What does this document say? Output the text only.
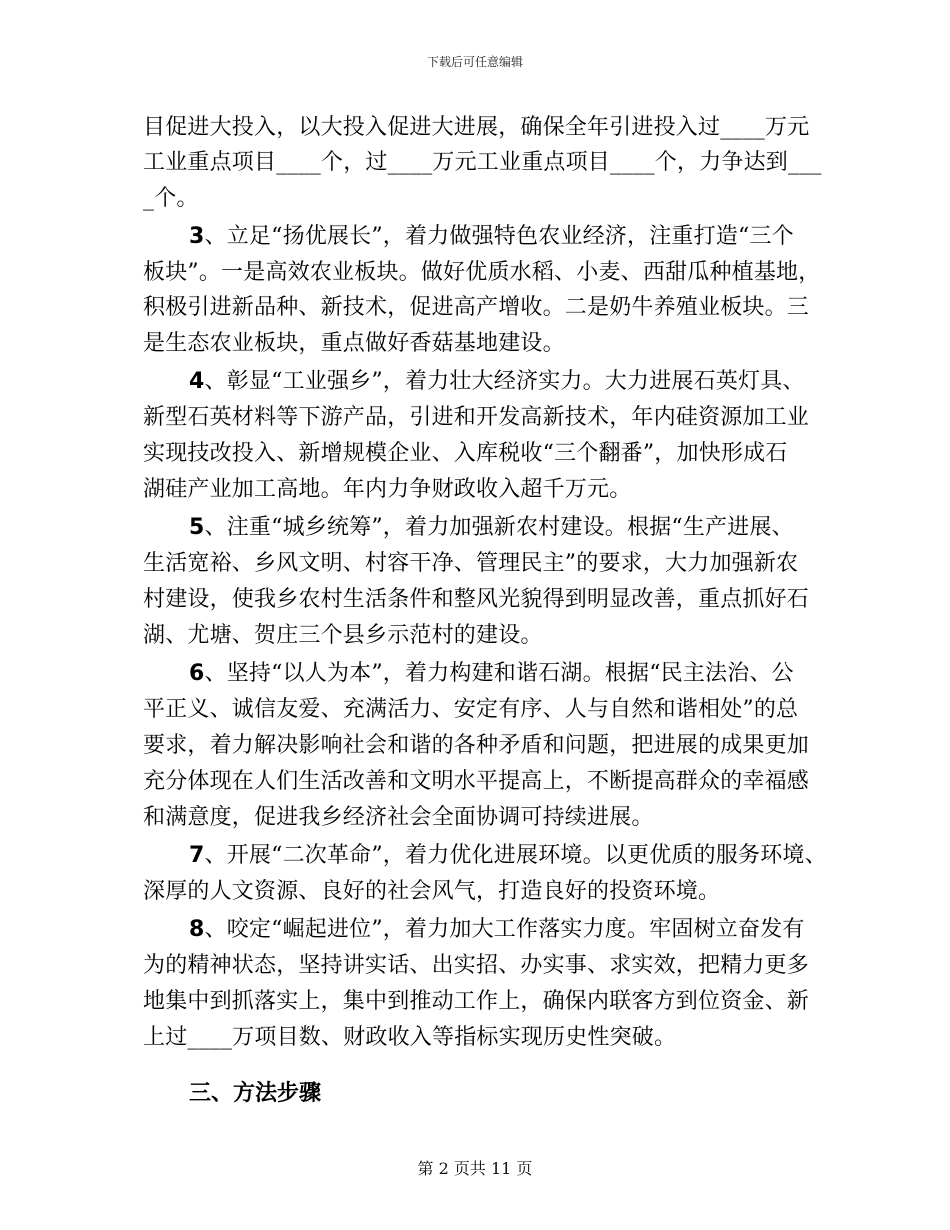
下载后可任意编辑
目促进大投入，以大投入促进大进展，确保全年引进投入过____万元
工业重点项目____个，过____万元工业重点项目____个，力争达到___
_个。
3、立足“扬优展长”，着力做强特色农业经济，注重打造“三个
板块”。一是高效农业板块。做好优质水稻、小麦、西甜瓜种植基地，
积极引进新品种、新技术，促进高产增收。二是奶牛养殖业板块。三
是生态农业板块，重点做好香菇基地建设。
4、彰显“工业强乡”，着力壮大经济实力。大力进展石英灯具、
新型石英材料等下游产品，引进和开发高新技术，年内硅资源加工业
实现技改投入、新增规模企业、入库税收“三个翻番”，加快形成石
湖硅产业加工高地。年内力争财政收入超千万元。
5、注重“城乡统筹”，着力加强新农村建设。根据“生产进展、
生活宽裕、乡风文明、村容干净、管理民主”的要求，大力加强新农
村建设，使我乡农村生活条件和整风光貌得到明显改善，重点抓好石
湖、尤塘、贺庄三个县乡示范村的建设。
6、坚持“以人为本”，着力构建和谐石湖。根据“民主法治、公
平正义、诚信友爱、充满活力、安定有序、人与自然和谐相处”的总
要求，着力解决影响社会和谐的各种矛盾和问题，把进展的成果更加
充分体现在人们生活改善和文明水平提高上，不断提高群众的幸福感
和满意度，促进我乡经济社会全面协调可持续进展。
7、开展“二次革命”，着力优化进展环境。以更优质的服务环境、
深厚的人文资源、良好的社会风气，打造良好的投资环境。
8、咬定“崛起进位”，着力加大工作落实力度。牢固树立奋发有
为的精神状态，坚持讲实话、出实招、办实事、求实效，把精力更多
地集中到抓落实上，集中到推动工作上，确保内联客方到位资金、新
上过____万项目数、财政收入等指标实现历史性突破。
三、方法步骤
第 2 页共 11 页
